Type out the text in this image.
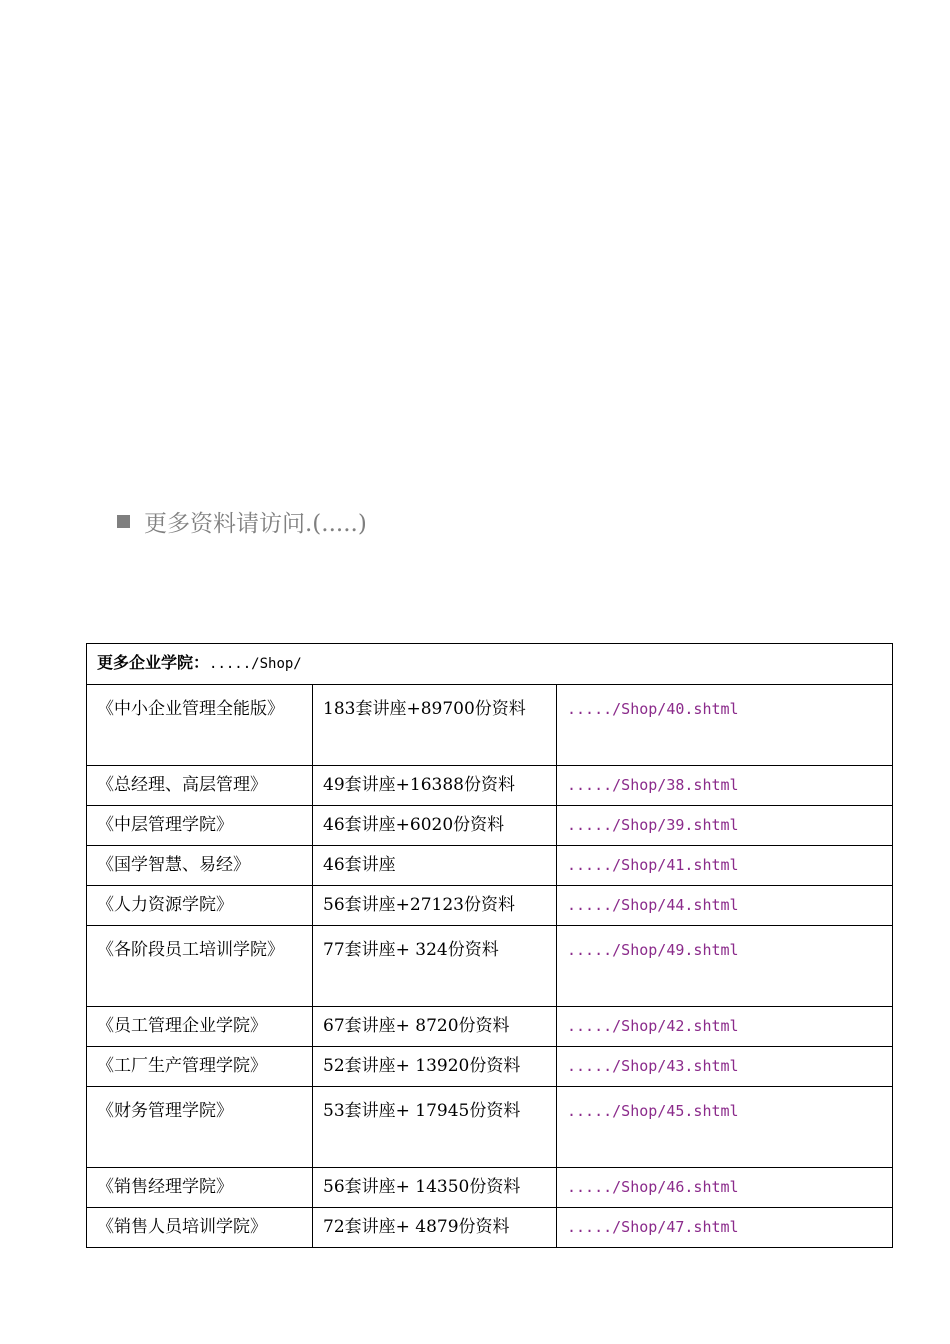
更多资料请访问.(.....)
更多企业学院：...../Shop/		
《中小企业管理全能版》	183套讲座+89700份资料	...../Shop/40.shtml
《总经理、高层管理》	49套讲座+16388份资料	...../Shop/38.shtml
《中层管理学院》	46套讲座+6020份资料	...../Shop/39.shtml
《国学智慧、易经》	46套讲座	...../Shop/41.shtml
《人力资源学院》	56套讲座+27123份资料	...../Shop/44.shtml
《各阶段员工培训学院》	77套讲座+ 324份资料	...../Shop/49.shtml
《员工管理企业学院》	67套讲座+ 8720份资料	...../Shop/42.shtml
《工厂生产管理学院》	52套讲座+ 13920份资料	...../Shop/43.shtml
《财务管理学院》	53套讲座+ 17945份资料	...../Shop/45.shtml
《销售经理学院》	56套讲座+ 14350份资料	...../Shop/46.shtml
《销售人员培训学院》	72套讲座+ 4879份资料	...../Shop/47.shtml
